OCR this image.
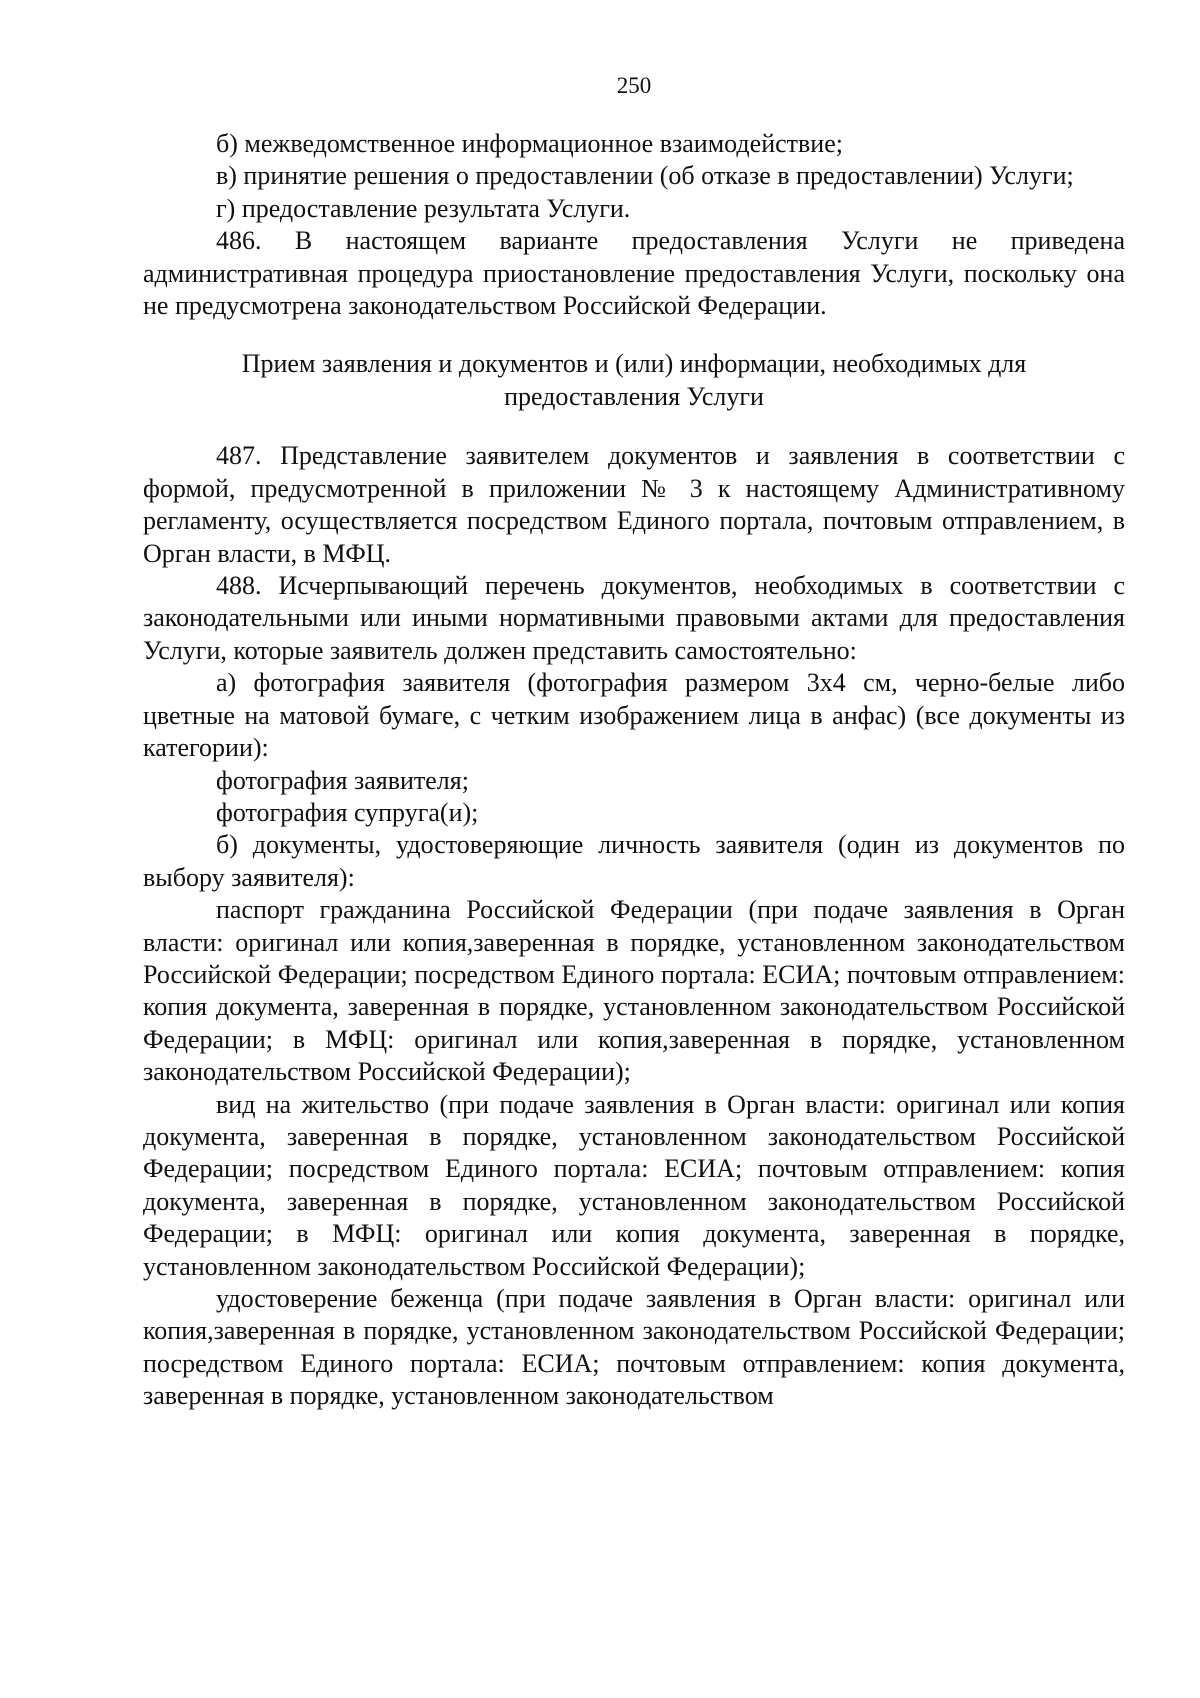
250

б) межведомственное информационное взаимодействие;

в) принятие решения о предоставлении (об отказе в предоставлении) Услуги;

г) предоставление результата Услуги.

486. В настоящем варианте предоставления Услуги не приведена административная процедура приостановление предоставления Услуги, поскольку она не предусмотрена законодательством Российской Федерации.

Прием заявления и документов и (или) информации, необходимых для
предоставления Услуги

487. Представление заявителем документов и заявления в соответствии с формой, предусмотренной в приложении № 3 к настоящему Административному регламенту, осуществляется посредством Единого портала, почтовым отправлением, в Орган власти, в МФЦ.

488. Исчерпывающий перечень документов, необходимых в соответствии с законодательными или иными нормативными правовыми актами для предоставления Услуги, которые заявитель должен представить самостоятельно:

а) фотография заявителя (фотография размером 3x4 см, черно-белые либо цветные на матовой бумаге, с четким изображением лица в анфас) (все документы из категории):

фотография заявителя;

фотография супруга(и);

б) документы, удостоверяющие личность заявителя (один из документов по выбору заявителя):

паспорт гражданина Российской Федерации (при подаче заявления в Орган власти: оригинал или копия,заверенная в порядке, установленном законодательством Российской Федерации; посредством Единого портала: ЕСИА; почтовым отправлением: копия документа, заверенная в порядке, установленном законодательством Российской Федерации; в МФЦ: оригинал или копия,заверенная в порядке, установленном законодательством Российской Федерации);

вид на жительство (при подаче заявления в Орган власти: оригинал или копия документа, заверенная в порядке, установленном законодательством Российской Федерации; посредством Единого портала: ЕСИА; почтовым отправлением: копия документа, заверенная в порядке, установленном законодательством Российской Федерации; в МФЦ: оригинал или копия документа, заверенная в порядке, установленном законодательством Российской Федерации);

удостоверение беженца (при подаче заявления в Орган власти: оригинал или копия,заверенная в порядке, установленном законодательством Российской Федерации; посредством Единого портала: ЕСИА; почтовым отправлением: копия документа, заверенная в порядке, установленном законодательством
